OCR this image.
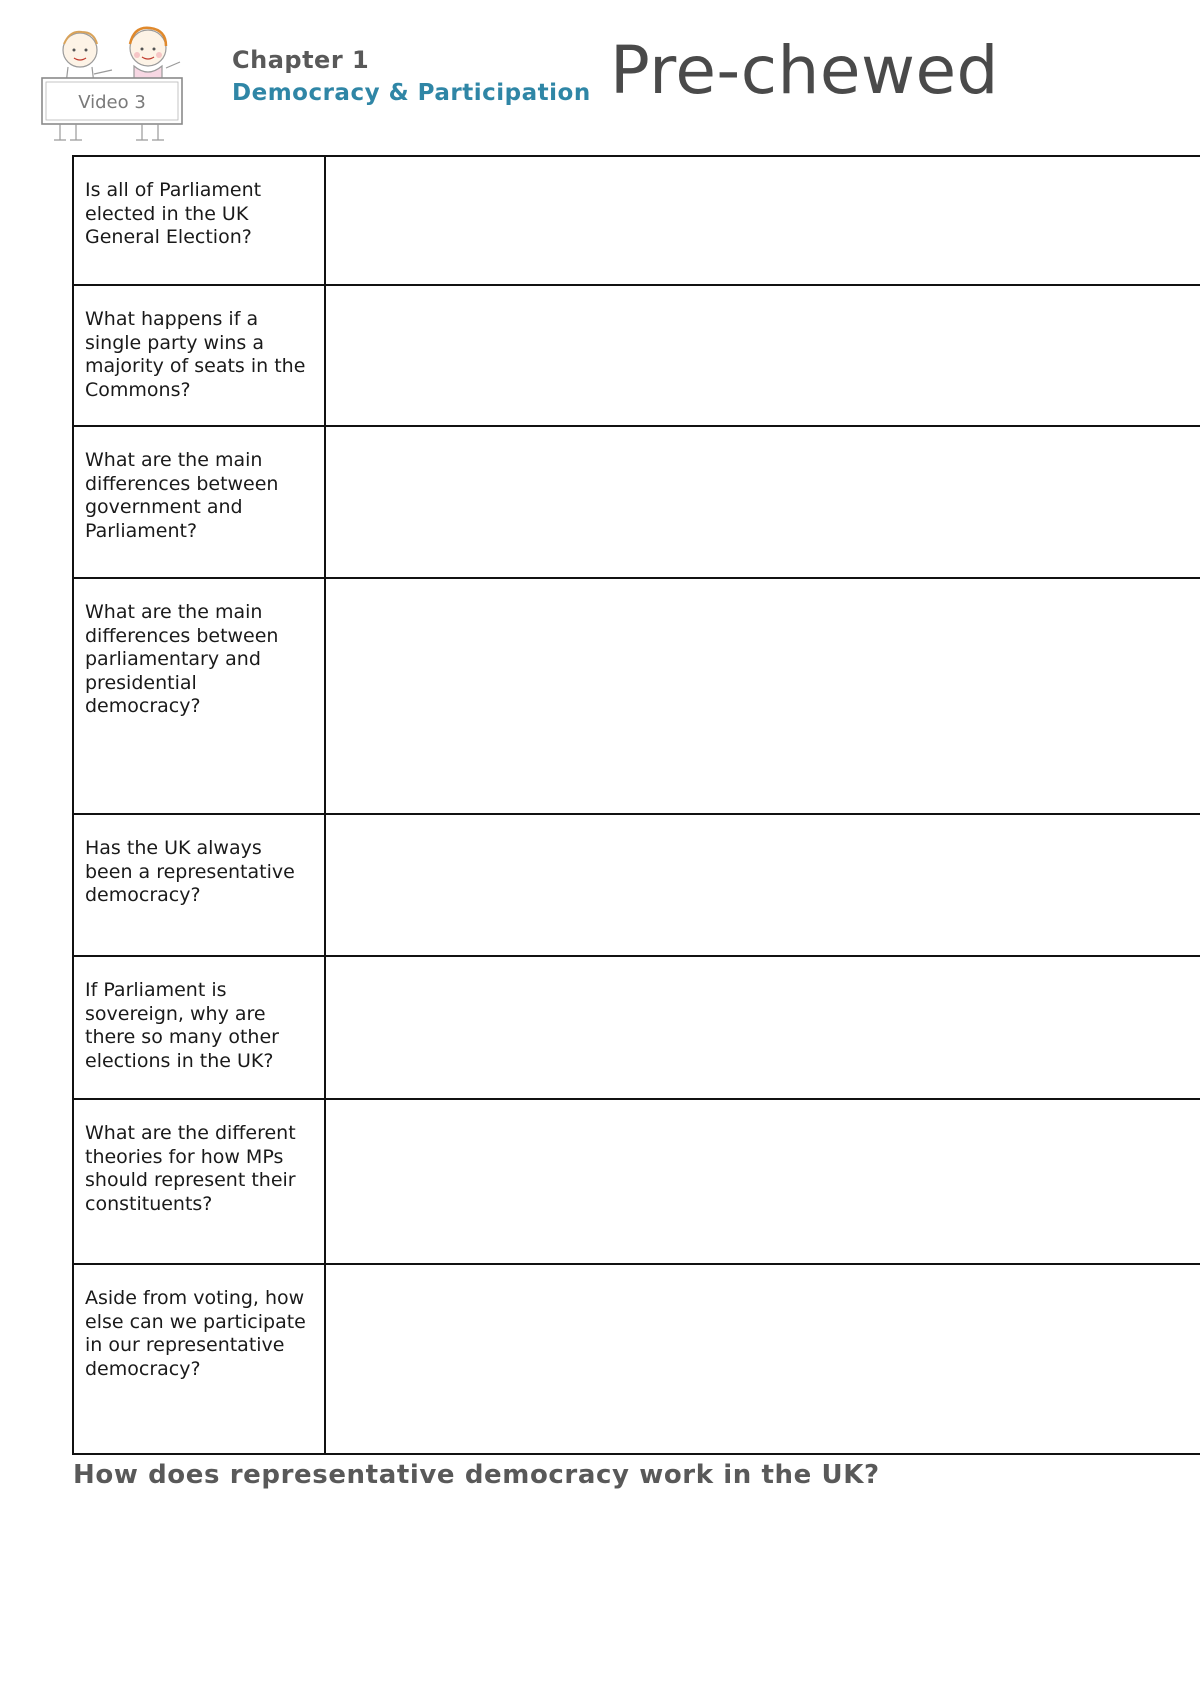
Video 3
Chapter 1
Democracy & Participation Pre-chewed
Is all of Parliament elected in the UK General Election?	
What happens if a single party wins a majority of seats in the Commons?	
What are the main differences between government and Parliament?	
What are the main differences between parliamentary and presidential democracy?	
Has the UK always been a representative democracy?	
If Parliament is sovereign, why are there so many other elections in the UK?	
What are the different theories for how MPs should represent their constituents?	
Aside from voting, how else can we participate in our representative democracy?	
How does representative democracy work in the UK?
